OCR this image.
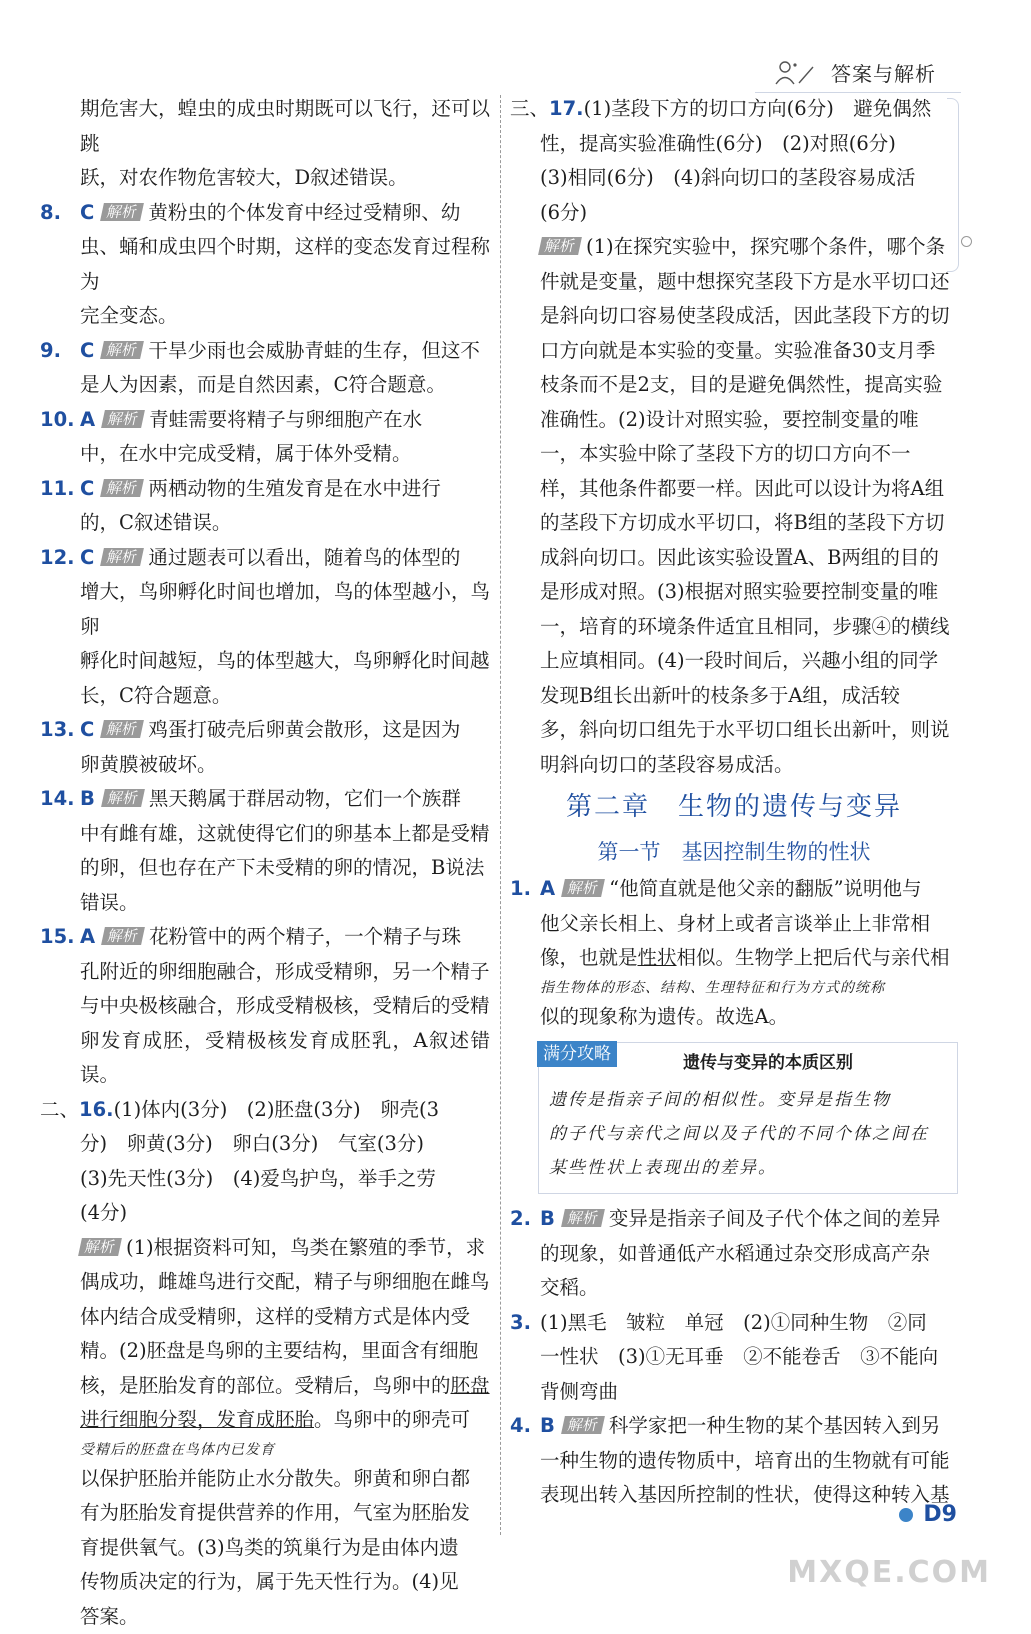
答案与解析

期危害大，蝗虫的成虫时期既可以飞行，还可以跳

跃，对农作物危害较大，D叙述错误。

8. C 解析 黄粉虫的个体发育中经过受精卵、幼

虫、蛹和成虫四个时期，这样的变态发育过程称为

完全变态。

9. C 解析 干旱少雨也会威胁青蛙的生存，但这不

是人为因素，而是自然因素，C符合题意。

10. A 解析 青蛙需要将精子与卵细胞产在水

中，在水中完成受精，属于体外受精。

11. C 解析 两栖动物的生殖发育是在水中进行

的，C叙述错误。

12. C 解析 通过题表可以看出，随着鸟的体型的

增大，鸟卵孵化时间也增加，鸟的体型越小，鸟卵

孵化时间越短，鸟的体型越大，鸟卵孵化时间越

长，C符合题意。

13. C 解析 鸡蛋打破壳后卵黄会散形，这是因为

卵黄膜被破坏。

14. B 解析 黑天鹅属于群居动物，它们一个族群

中有雌有雄，这就使得它们的卵基本上都是受精

的卵，但也存在产下未受精的卵的情况，B说法

错误。

15. A 解析 花粉管中的两个精子，一个精子与珠

孔附近的卵细胞融合，形成受精卵，另一个精子

与中央极核融合，形成受精极核，受精后的受精

卵发育成胚，受精极核发育成胚乳，A叙述错误。

二、16.(1)体内(3分)　(2)胚盘(3分)　卵壳(3

分)　卵黄(3分)　卵白(3分)　气室(3分)

(3)先天性(3分)　(4)爱鸟护鸟，举手之劳

(4分)

解析 (1)根据资料可知，鸟类在繁殖的季节，求

偶成功，雌雄鸟进行交配，精子与卵细胞在雌鸟

体内结合成受精卵，这样的受精方式是体内受

精。(2)胚盘是鸟卵的主要结构，里面含有细胞

核，是胚胎发育的部位。受精后，鸟卵中的胚盘

进行细胞分裂，发育成胚胎。鸟卵中的卵壳可

受精后的胚盘在鸟体内已发育

以保护胚胎并能防止水分散失。卵黄和卵白都

有为胚胎发育提供营养的作用，气室为胚胎发

育提供氧气。(3)鸟类的筑巢行为是由体内遗

传物质决定的行为，属于先天性行为。(4)见

答案。

三、17.(1)茎段下方的切口方向(6分)　避免偶然

性，提高实验准确性(6分)　(2)对照(6分)

(3)相同(6分)　(4)斜向切口的茎段容易成活

(6分)

解析 (1)在探究实验中，探究哪个条件，哪个条

件就是变量，题中想探究茎段下方是水平切口还

是斜向切口容易使茎段成活，因此茎段下方的切

口方向就是本实验的变量。实验准备30支月季

枝条而不是2支，目的是避免偶然性，提高实验

准确性。(2)设计对照实验，要控制变量的唯

一，本实验中除了茎段下方的切口方向不一

样，其他条件都要一样。因此可以设计为将A组

的茎段下方切成水平切口，将B组的茎段下方切

成斜向切口。因此该实验设置A、B两组的目的

是形成对照。(3)根据对照实验要控制变量的唯

一，培育的环境条件适宜且相同，步骤④的横线

上应填相同。(4)一段时间后，兴趣小组的同学

发现B组长出新叶的枝条多于A组，成活较

多，斜向切口组先于水平切口组长出新叶，则说

明斜向切口的茎段容易成活。

第二章　生物的遗传与变异
第一节　基因控制生物的性状

1. A 解析 “他简直就是他父亲的翻版”说明他与

他父亲长相上、身材上或者言谈举止上非常相

像，也就是性状相似。生物学上把后代与亲代相

指生物体的形态、结构、生理特征和行为方式的统称

似的现象称为遗传。故选A。

满分攻略	遗传与变异的本质区别
遗传是指亲子间的相似性。变异是指生物
的子代与亲代之间以及子代的不同个体之间在
某些性状上表现出的差异。

2. B 解析 变异是指亲子间及子代个体之间的差异

的现象，如普通低产水稻通过杂交形成高产杂

交稻。

3. (1)黑毛　皱粒　单冠　(2)①同种生物　②同

一性状　(3)①无耳垂　②不能卷舌　③不能向

背侧弯曲

4. B 解析 科学家把一种生物的某个基因转入到另

一种生物的遗传物质中，培育出的生物就有可能

表现出转入基因所控制的性状，使得这种转入基

D9
MXQE.COM
